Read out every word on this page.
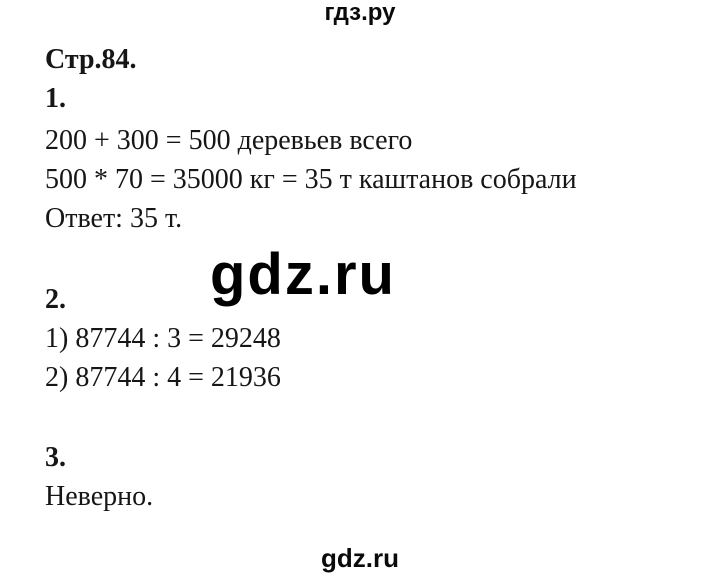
гдз.ру
Стр.84.
1.
200 + 300 = 500 деревьев всего
500 * 70 = 35000 кг = 35 т каштанов собрали
Ответ: 35 т.
2.
1) 87744 : 3 = 29248
2) 87744 : 4 = 21936
3.
Неверно.
gdz.ru
gdz.ru
